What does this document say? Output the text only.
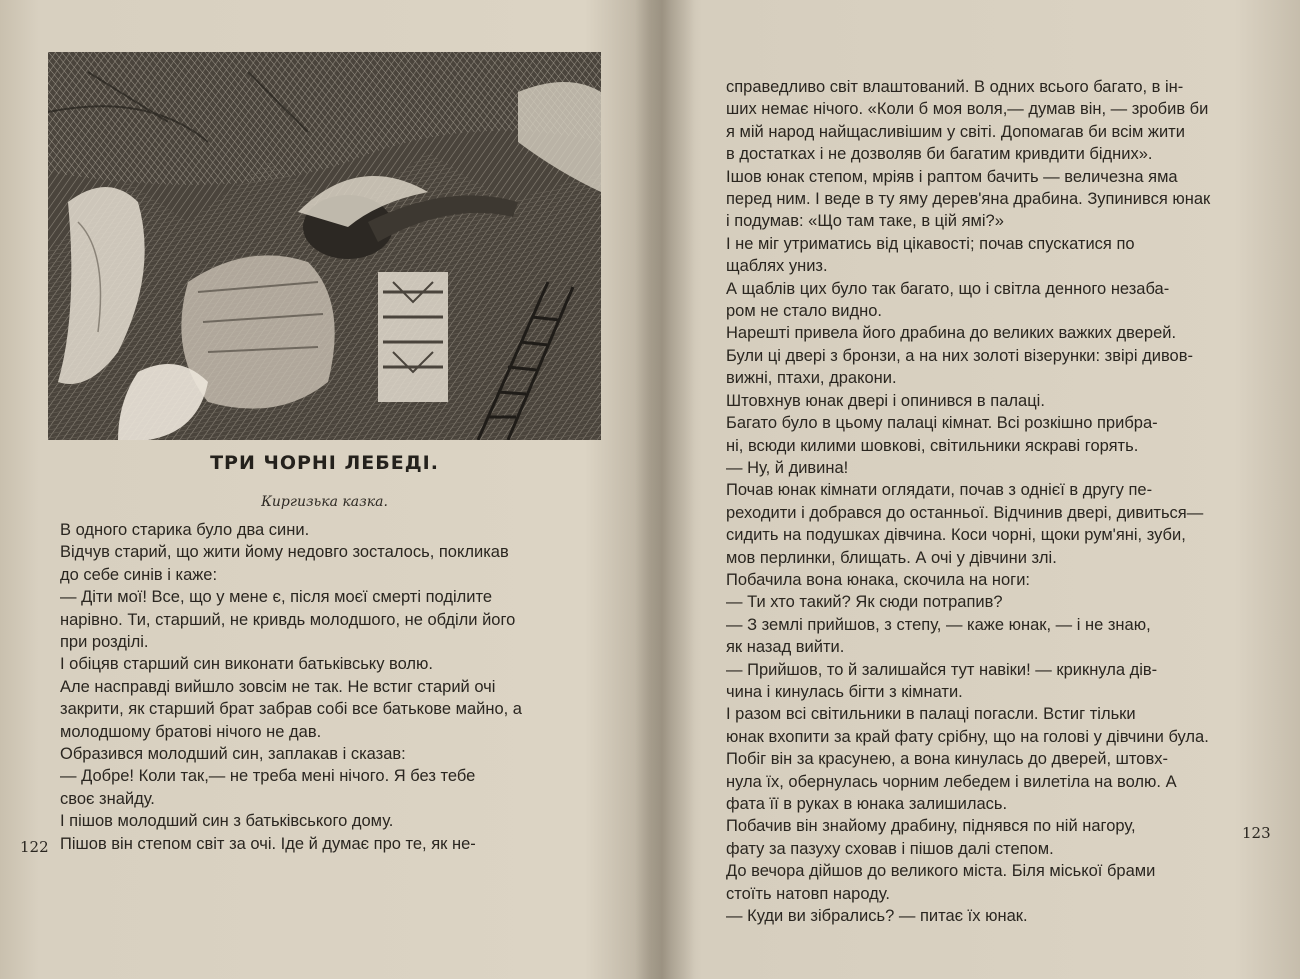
ТРИ ЧОРНІ ЛЕБЕДІ.
Киргизька казка.
В одного старика було два сини.
Відчув старий, що жити йому недовго зосталось, покликав
до себе синів і каже:
— Діти мої! Все, що у мене є, після моєї смерті поділите
нарівно. Ти, старший, не кривдь молодшого, не обділи його
при розділі.
І обіцяв старший син виконати батьківську волю.
Але насправді вийшло зовсім не так. Не встиг старий очі
закрити, як старший брат забрав собі все батькове майно, а
молодшому братові нічого не дав.
Образився молодший син, заплакав і сказав:
— Добре! Коли так,— не треба мені нічого. Я без тебе
своє знайду.
І пішов молодший син з батьківського дому.
Пішов він степом світ за очі. Іде й думає про те, як не-
122
справедливо світ влаштований. В одних всього багато, в ін-
ших немає нічого. «Коли б моя воля,— думав він, — зробив би
я мій народ найщасливішим у світі. Допомагав би всім жити
в достатках і не дозволяв би багатим кривдити бідних».
Ішов юнак степом, мріяв і раптом бачить — величезна яма
перед ним. І веде в ту яму дерев'яна драбина. Зупинився юнак
і подумав: «Що там таке, в цій ямі?»
І не міг утриматись від цікавості; почав спускатися по
щаблях униз.
А щаблів цих було так багато, що і світла денного незаба-
ром не стало видно.
Нарешті привела його драбина до великих важких дверей.
Були ці двері з бронзи, а на них золоті візерунки: звірі дивов-
вижні, птахи, дракони.
Штовхнув юнак двері і опинився в палаці.
Багато було в цьому палаці кімнат. Всі розкішно прибра-
ні, всюди килими шовкові, світильники яскраві горять.
— Ну, й дивина!
Почав юнак кімнати оглядати, почав з однієї в другу пе-
реходити і добрався до останньої. Відчинив двері, дивиться—
сидить на подушках дівчина. Коси чорні, щоки рум'яні, зуби,
мов перлинки, блищать. А очі у дівчини злі.
Побачила вона юнака, скочила на ноги:
— Ти хто такий? Як сюди потрапив?
— З землі прийшов, з степу, — каже юнак, — і не знаю,
як назад вийти.
— Прийшов, то й залишайся тут навіки! — крикнула дів-
чина і кинулась бігти з кімнати.
І разом всі світильники в палаці погасли. Встиг тільки
юнак вхопити за край фату срібну, що на голові у дівчини була.
Побіг він за красунею, а вона кинулась до дверей, штовх-
нула їх, обернулась чорним лебедем і вилетіла на волю. А
фата її в руках в юнака залишилась.
Побачив він знайому драбину, піднявся по ній нагору,
фату за пазуху сховав і пішов далі степом.
До вечора дійшов до великого міста. Біля міської брами
стоїть натовп народу.
— Куди ви зібрались? — питає їх юнак.
123
